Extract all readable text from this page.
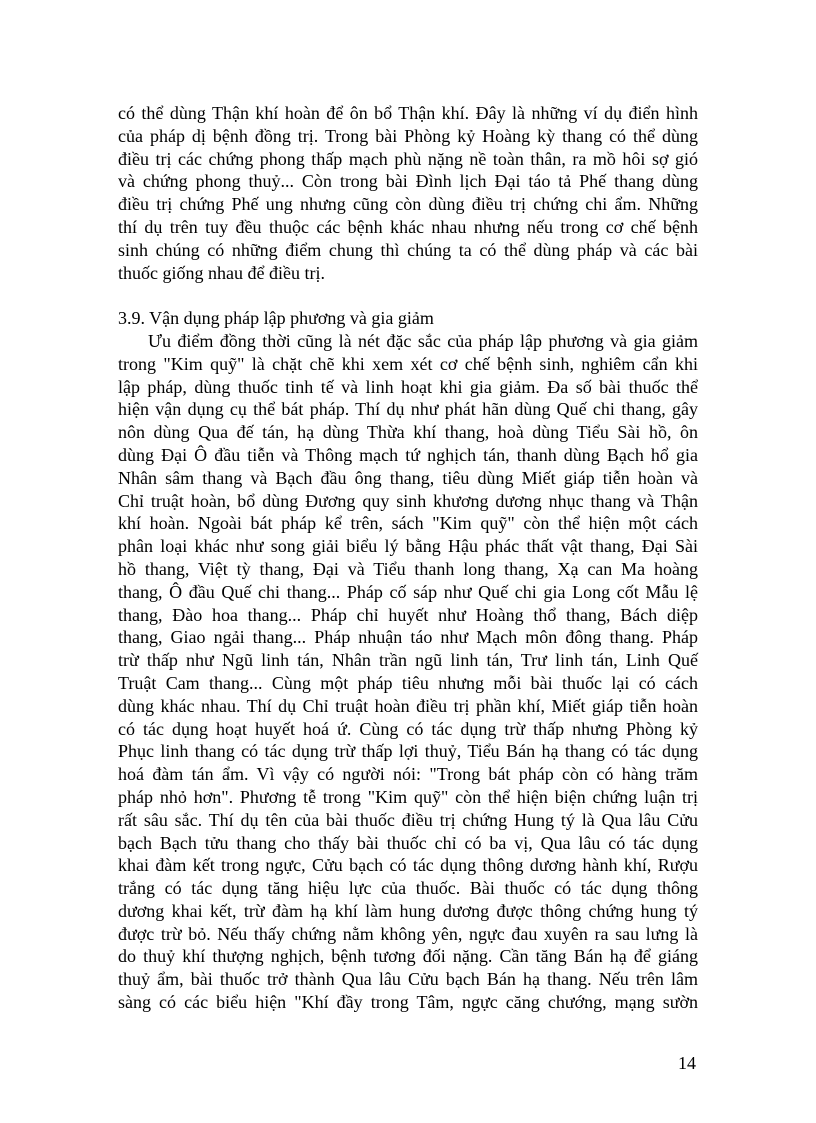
có thể dùng Thận khí hoàn để ôn bổ Thận khí. Đây là những ví dụ điển hình
của pháp dị bệnh đồng trị. Trong bài Phòng kỷ Hoàng kỳ thang có thể dùng
điều trị các chứng phong thấp mạch phù nặng nề toàn thân, ra mồ hôi sợ gió
và chứng phong thuỷ... Còn trong bài Đình lịch Đại táo tả Phế thang dùng
điều trị chứng Phế ung nhưng cũng còn dùng điều trị chứng chi ẩm. Những
thí dụ trên tuy đều thuộc các bệnh khác nhau nhưng nếu trong cơ chế bệnh
sinh chúng có những điểm chung thì chúng ta có thể dùng pháp và các bài
thuốc giống nhau để điều trị.
3.9. Vận dụng pháp lập phương và gia giảm
Ưu điểm đồng thời cũng là nét đặc sắc của pháp lập phương và gia giảm
trong "Kim quỹ" là chặt chẽ khi xem xét cơ chế bệnh sinh, nghiêm cẩn khi
lập pháp, dùng thuốc tinh tế và linh hoạt khi gia giảm. Đa số bài thuốc thể
hiện vận dụng cụ thể bát pháp. Thí dụ như phát hãn dùng Quế chi thang, gây
nôn dùng Qua đế tán, hạ dùng Thừa khí thang, hoà dùng Tiểu Sài hồ, ôn
dùng Đại Ô đầu tiễn và Thông mạch tứ nghịch tán, thanh dùng Bạch hổ gia
Nhân sâm thang và Bạch đầu ông thang, tiêu dùng Miết giáp tiễn hoàn và
Chỉ truật hoàn, bổ dùng Đương quy sinh khương dương nhục thang và Thận
khí hoàn. Ngoài bát pháp kể trên, sách "Kim quỹ" còn thể hiện một cách
phân loại khác như song giải biểu lý bằng Hậu phác thất vật thang, Đại Sài
hồ thang, Việt tỳ thang, Đại và Tiểu thanh long thang, Xạ can Ma hoàng
thang, Ô đầu Quế chi thang... Pháp cố sáp như Quế chi gia Long cốt Mẫu lệ
thang, Đào hoa thang... Pháp chỉ huyết như Hoàng thổ thang, Bách diệp
thang, Giao ngải thang... Pháp nhuận táo như Mạch môn đông thang. Pháp
trừ thấp như Ngũ linh tán, Nhân trần ngũ linh tán, Trư linh tán, Linh Quế
Truật Cam thang... Cùng một pháp tiêu nhưng mỗi bài thuốc lại có cách
dùng khác nhau. Thí dụ Chỉ truật hoàn điều trị phần khí, Miết giáp tiễn hoàn
có tác dụng hoạt huyết hoá ứ. Cùng có tác dụng trừ thấp nhưng Phòng kỷ
Phục linh thang có tác dụng trừ thấp lợi thuỷ, Tiểu Bán hạ thang có tác dụng
hoá đàm tán ẩm. Vì vậy có người nói: "Trong bát pháp còn có hàng trăm
pháp nhỏ hơn". Phương tễ trong "Kim quỹ" còn thể hiện biện chứng luận trị
rất sâu sắc. Thí dụ tên của bài thuốc điều trị chứng Hung tý là Qua lâu Cửu
bạch Bạch tửu thang cho thấy bài thuốc chỉ có ba vị, Qua lâu có tác dụng
khai đàm kết trong ngực, Cửu bạch có tác dụng thông dương hành khí, Rượu
trắng có tác dụng tăng hiệu lực của thuốc. Bài thuốc có tác dụng thông
dương khai kết, trừ đàm hạ khí làm hung dương được thông chứng hung tý
được trừ bỏ. Nếu thấy chứng nằm không yên, ngực đau xuyên ra sau lưng là
do thuỷ khí thượng nghịch, bệnh tương đối nặng. Cần tăng Bán hạ để giáng
thuỷ ẩm, bài thuốc trở thành Qua lâu Cửu bạch Bán hạ thang. Nếu trên lâm
sàng có các biểu hiện "Khí đầy trong Tâm, ngực căng chướng, mạng sườn
14
